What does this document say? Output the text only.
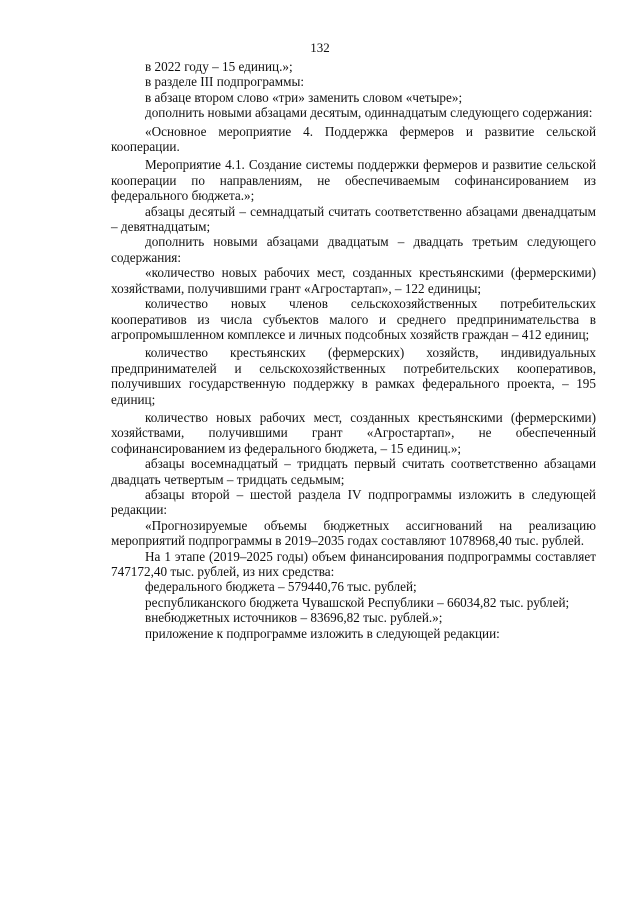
132

в 2022 году – 15 единиц.»;

в разделе III подпрограммы:

в абзаце втором слово «три» заменить словом «четыре»;

дополнить новыми абзацами десятым, одиннадцатым следующего содержания:

«Основное мероприятие 4. Поддержка фермеров и развитие сельской кооперации.

Мероприятие 4.1. Создание системы поддержки фермеров и развитие сельской кооперации по направлениям, не обеспечиваемым софинансированием из федерального бюджета.»;

абзацы десятый – семнадцатый считать соответственно абзацами двенадцатым – девятнадцатым;

дополнить новыми абзацами двадцатым – двадцать третьим следующего содержания:

«количество новых рабочих мест, созданных крестьянскими (фермерскими) хозяйствами, получившими грант «Агростартап», – 122 единицы;

количество новых членов сельскохозяйственных потребительских кооперативов из числа субъектов малого и среднего предпринимательства в агропромышленном комплексе и личных подсобных хозяйств граждан – 412 единиц;

количество крестьянских (фермерских) хозяйств, индивидуальных предпринимателей и сельскохозяйственных потребительских кооперативов, получивших государственную поддержку в рамках федерального проекта, – 195 единиц;

количество новых рабочих мест, созданных крестьянскими (фермерскими) хозяйствами, получившими грант «Агростартап», не обеспеченный софинансированием из федерального бюджета, – 15 единиц.»;

абзацы восемнадцатый – тридцать первый считать соответственно абзацами двадцать четвертым – тридцать седьмым;

абзацы второй – шестой раздела IV подпрограммы изложить в следующей редакции:

«Прогнозируемые объемы бюджетных ассигнований на реализацию мероприятий подпрограммы в 2019–2035 годах составляют 1078968,40 тыс. рублей.

На 1 этапе (2019–2025 годы) объем финансирования подпрограммы составляет 747172,40 тыс. рублей, из них средства:

федерального бюджета – 579440,76 тыс. рублей;

республиканского бюджета Чувашской Республики – 66034,82 тыс. рублей;

внебюджетных источников – 83696,82 тыс. рублей.»;

приложение к подпрограмме изложить в следующей редакции:
